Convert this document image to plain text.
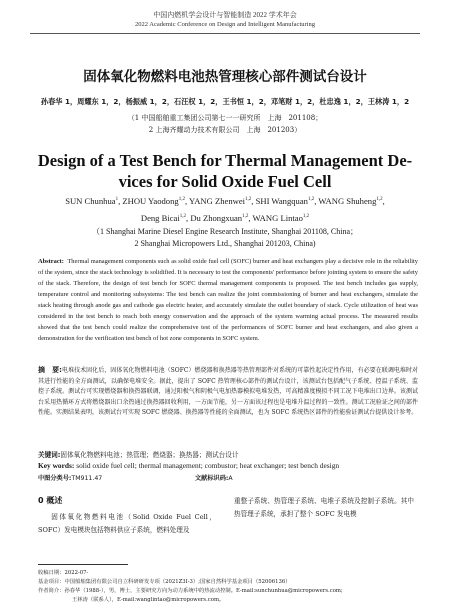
中国内燃机学会设计与智能制造 2022 学术年会
2022 Academic Conference on Design and Intelligent Manufacturing
固体氧化物燃料电池热管理核心部件测试台设计
孙春华 1，周耀东 1，2，杨振威 1，2，石汪权 1，2，王书恒 1，2，邓笔财 1，2，杜忠逸 1，2，王林涛 1，2
（1 中国船舶重工集团公司第七一一研究所　上海　201108；
2 上海齐耀动力技术有限公司　上海　201203）
Design of a Test Bench for Thermal Management De-
vices for Solid Oxide Fuel Cell
SUN Chunhua$^1$, ZHOU Yaodong$^{1,2}$, YANG Zhenwei$^{1,2}$, SHI Wangquan$^{1,2}$, WANG Shuheng$^{1,2}$,
Deng Bicai$^{1,2}$, Du Zhongxuan$^{1,2}$, WANG Lintao$^{1,2}$
（1 Shanghai Marine Diesel Engine Research Institute, Shanghai 201108, China；
2 Shanghai Micropowers Ltd., Shanghai 201203, China)
Abstract: Thermal management components such as solid oxide fuel cell (SOFC) burner and heat exchangers play a decisive role in the reliability of the system, since the stack technology is solidified. It is necessary to test the components' performance before jointing system to ensure the safety of the stack. Therefore, the design of test bench for SOFC thermal management components is proposed. The test bench includes gas supply, temperature control and monitoring subsystems: The test bench can realize the joint commissioning of burner and heat exchangers, simulate the stack heating through anode gas and cathode gas electric heater, and accurately simulate the outlet boundary of stack. Cycle utilization of heat was considered in the test bench to reach both energy conservation and the approach of the system warming actual process. The measured results showed that the test bench could realize the comprehensive test of the performances of SOFC burner and heat exchangers, and also given a demonstration for the verification test bench of hot zone components in SOFC system.
摘　要:电堆技术固化后，固体氧化物燃料电池（SOFC）燃烧器和换热器等热管理部件对系统的可靠性起决定性作用，有必要在联调电堆时对其进行性能的全方面测试，以确保电堆安全。据此，提出了 SOFC 热管理核心部件的测试台设计，该测试台包括配气子系统、控温子系统、监控子系统。测试台可实现燃烧器和换热器联调，通过阳极气和阴极气电加热器模拟电堆发热，可高精准度模拟不同工况下电堆出口边界。该测试台采用热循环方式将燃烧器出口余热通过换热器回收利用，一方面节能，另一方面该过程也是电堆升温过程的一致性。测试工况验证之间的部件性能。实测结果表明，该测试台可实现 SOFC 燃烧器、换热器等性能的全面测试，也为 SOFC 系统热区部件的性能验证测试台提供设计参考。
关键词:固体氧化物燃料电池；热管理；燃烧器；换热器；测试台设计
Key words: solid oxide fuel cell; thermal management; combustor; heat exchanger; test bench design
中图分类号:TM911.47	文献标识码:A
0 概述
固体氧化物燃料电池（Solid Oxide Fuel Cell，SOFC）发电模块包括物料供应子系统，燃料处理及
重整子系统、热管理子系统、电堆子系统及控制子系统。其中热管理子系统，承担了整个 SOFC 发电模
收稿日期：2022-07-
基金项目：中国船舶集团有限公司自立科研研发专项（2021Z3I-3）;国家自然科学基金项目（52006136）
作者简介：孙春华（1988-），男，博士，主要研究方向为动力系统中的热流动控制。E-mail:sunchunhua@micropowers.com;
王林涛（联系人），E-mail:wanglintao@micropowers.com。
